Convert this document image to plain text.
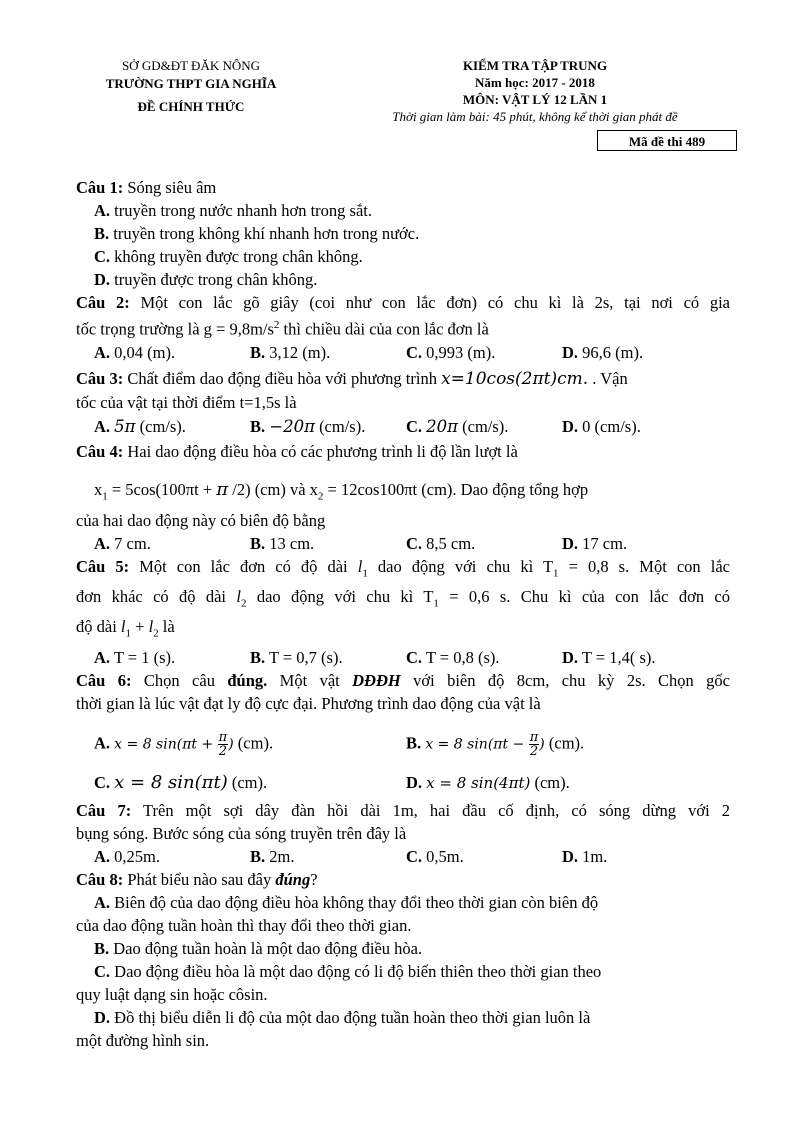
SỞ GD&ĐT ĐĂK NÔNG
TRƯỜNG THPT GIA NGHĨA
ĐỀ CHÍNH THỨC
KIỂM TRA TẬP TRUNG
Năm học: 2017 - 2018
MÔN: VẬT LÝ 12 LẦN 1
Thời gian làm bài: 45 phút, không kể thời gian phát đề
Mã đề thi 489
Câu 1: Sóng siêu âm
A. truyền trong nước nhanh hơn trong sắt.
B. truyền trong không khí nhanh hơn trong nước.
C. không truyền được trong chân không.
D. truyền được trong chân không.
Câu 2: Một con lắc gõ giây (coi như con lắc đơn) có chu kì là 2s, tại nơi có gia
tốc trọng trường là $g = 9,8m/s^2$ thì chiều dài của con lắc đơn là
A. 0,04 (m).	B. 3,12 (m).	C. 0,993 (m).	D. 96,6 (m).
Câu 3: Chất điểm dao động điều hòa với phương trình x=10cos(2πt)cm. . Vận
tốc của vật tại thời điểm t=1,5s là
A. 5π (cm/s).	B. −20π (cm/s).	C. 20π (cm/s).	D. 0 (cm/s).
Câu 4: Hai dao động điều hòa có các phương trình li độ lần lượt là
$x_1 = 5\cos(100\pi t + \pi$ /2) (cm) và $x_2 = 12\cos 100\pi t$ (cm). Dao động tổng hợp
của hai dao động này có biên độ bằng
A. 7 cm.	B. 13 cm.	C. 8,5 cm.	D. 17 cm.
Câu 5: Một con lắc đơn có độ dài $l_1$ dao động với chu kì $T_1 = 0,8$ s. Một con lắc
đơn khác có độ dài $l_2$ dao động với chu kì $T_1 = 0,6$ s. Chu kì của con lắc đơn có
độ dài $l_1 + l_2$ là
A. T = 1 (s).	B. T = 0,7 (s).	C. T = 0,8 (s).	D. T = 1,4( s).
Câu 6: Chọn câu đúng. Một vật DĐĐH với biên độ 8cm, chu kỳ 2s. Chọn gốc
thời gian là lúc vật đạt ly độ cực đại. Phương trình dao động của vật là
A. x = 8 $\sin(\pi t + \frac{\pi}{2}$ ) (cm).	B. x = 8 $\sin(\pi t - \frac{\pi}{2}$ ) (cm).
C. x = 8 sin(πt) (cm).	D. x = 8 sin(4πt) (cm).
Câu 7: Trên một sợi dây đàn hồi dài 1m, hai đầu cố định, có sóng dừng với 2
bụng sóng. Bước sóng của sóng truyền trên đây là
A. 0,25m.	B. 2m.	C. 0,5m.	D. 1m.
Câu 8: Phát biểu nào sau đây đúng?
A. Biên độ của dao động điều hòa không thay đổi theo thời gian còn biên độ
của dao động tuần hoàn thì thay đổi theo thời gian.
B. Dao động tuần hoàn là một dao động điều hòa.
C. Dao động điều hòa là một dao động có li độ biến thiên theo thời gian theo
quy luật dạng sin hoặc côsin.
D. Đồ thị biểu diễn li độ của một dao động tuần hoàn theo thời gian luôn là
một đường hình sin.
